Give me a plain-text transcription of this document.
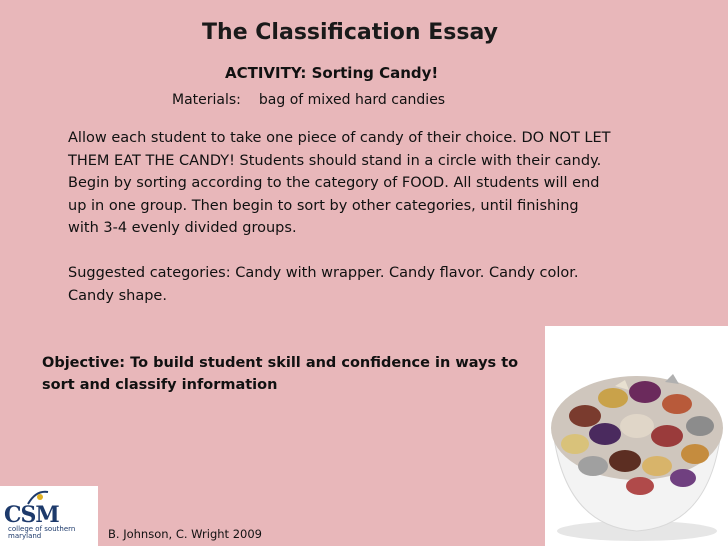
The Classification Essay
ACTIVITY: Sorting Candy!
Materials: bag of mixed hard candies
Allow each student to take one piece of candy of their choice. DO NOT LET THEM EAT THE CANDY! Students should stand in a circle with their candy. Begin by sorting according to the category of FOOD. All students will end up in one group. Then begin to sort by other categories, until finishing with 3-4 evenly divided groups.
Suggested categories: Candy with wrapper. Candy flavor. Candy color. Candy shape.
Objective: To build student skill and confidence in ways to sort and classify information
CSM
college of southern maryland	B. Johnson, C. Wright 2009
